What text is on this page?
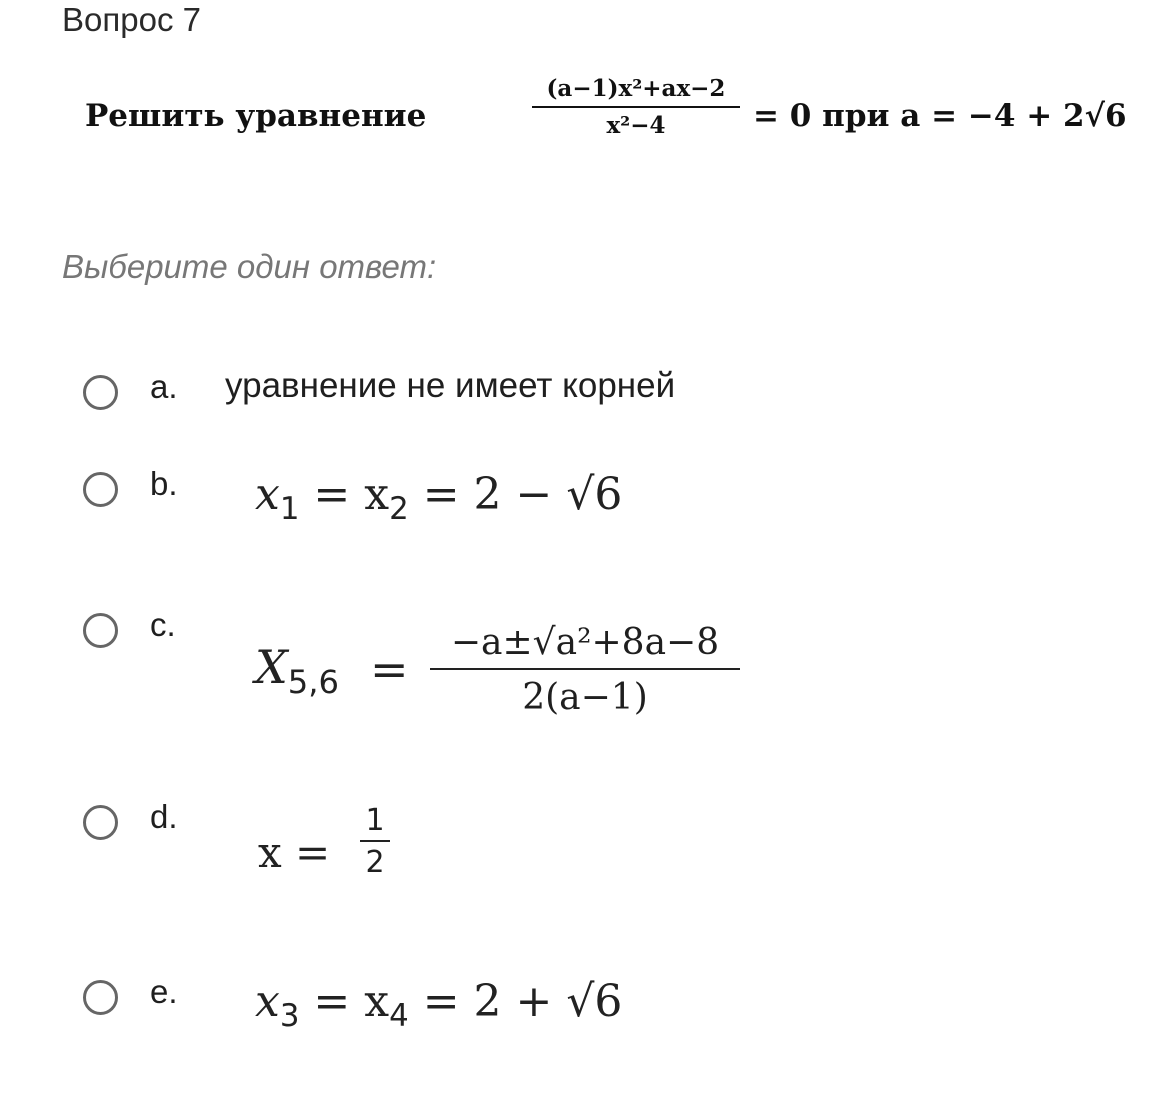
Вопрос 7
Решить уравнение
(a−1)x²+ax−2
x²−4	= 0 при a = −4 + 2√6
Выберите один ответ:
a. уравнение не имеет корней
b. $x_1 = x_2 = 2 - √6$
c.
$X_{5,6}$ =	−a±√a²+8a−8
2(a−1)
d.
x =
1
2
e. $x_3 = x_4 = 2 + √6$
